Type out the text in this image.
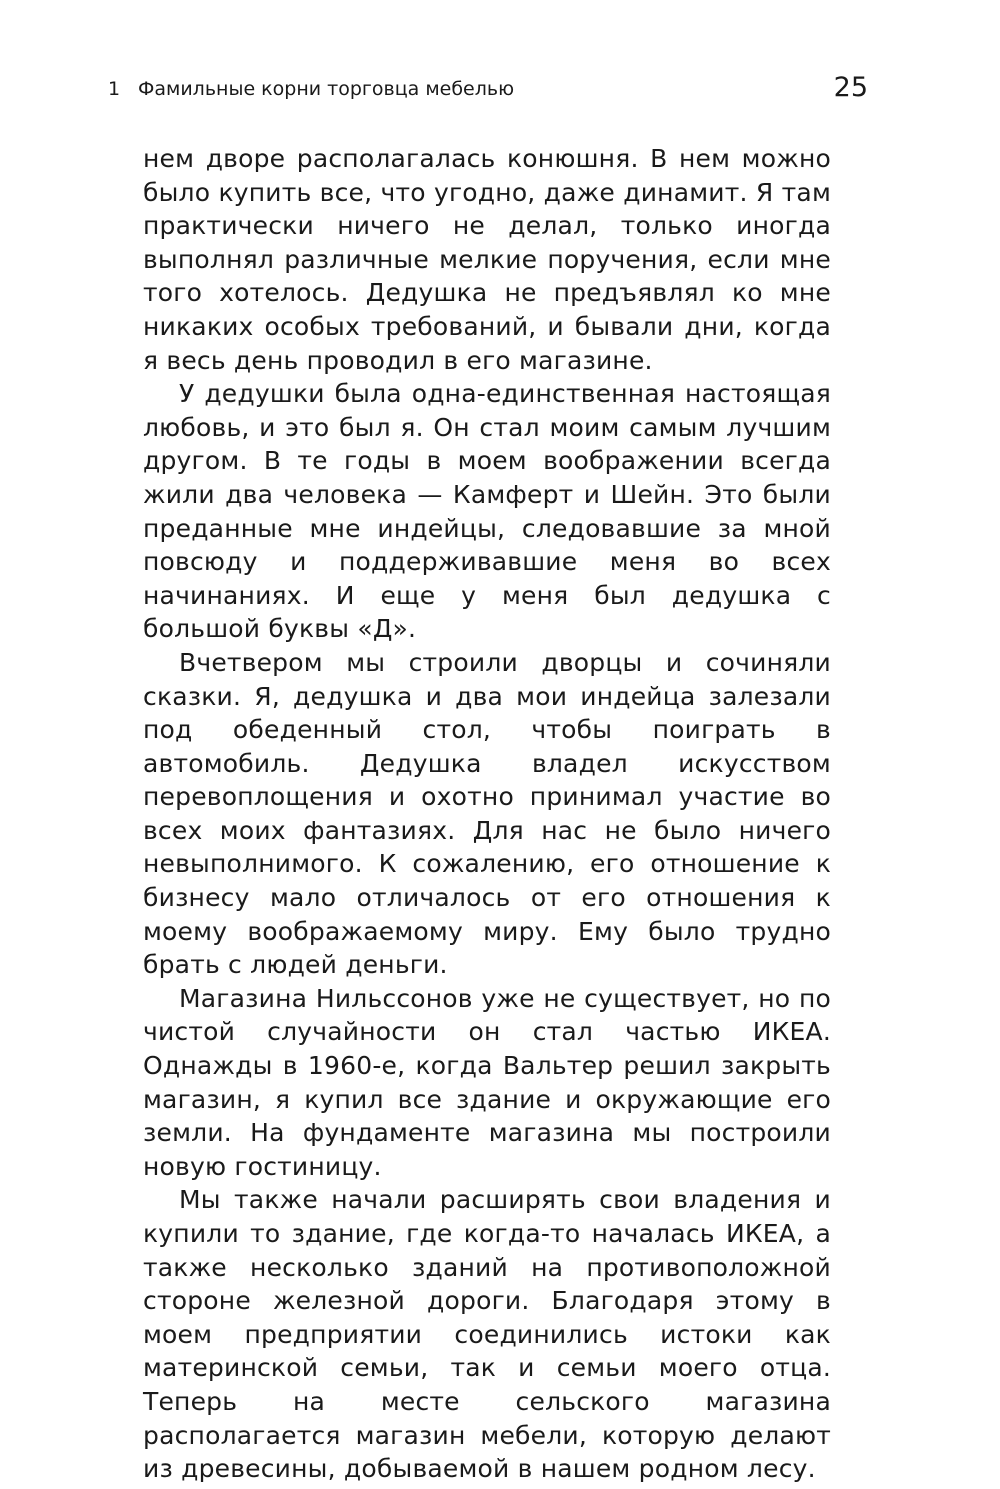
1 Фамильные корни торговца мебелью	25

нем дворе располагалась конюшня. В нем можно было купить все, что угодно, даже динамит. Я там практически ничего не делал, только иногда выполнял различные мелкие поручения, если мне того хотелось. Дедушка не предъявлял ко мне никаких особых требований, и бывали дни, когда я весь день проводил в его магазине.

У дедушки была одна-единственная настоящая любовь, и это был я. Он стал моим самым лучшим другом. В те годы в моем воображении всегда жили два человека — Камферт и Шейн. Это были преданные мне индейцы, следовавшие за мной повсюду и поддерживавшие меня во всех начинаниях. И еще у меня был дедушка с большой буквы «Д».

Вчетвером мы строили дворцы и сочиняли сказки. Я, дедушка и два мои индейца залезали под обеденный стол, чтобы поиграть в автомобиль. Дедушка владел искусством перевоплощения и охотно принимал участие во всех моих фантазиях. Для нас не было ничего невыполнимого. К сожалению, его отношение к бизнесу мало отличалось от его отношения к моему воображаемому миру. Ему было трудно брать с людей деньги.

Магазина Нильссонов уже не существует, но по чистой случайности он стал частью ИКЕА. Однажды в 1960-е, когда Вальтер решил закрыть магазин, я купил все здание и окружающие его земли. На фундаменте магазина мы построили новую гостиницу.

Мы также начали расширять свои владения и купили то здание, где когда-то началась ИКЕА, а также несколько зданий на противоположной стороне железной дороги. Благодаря этому в моем предприятии соединились истоки как материнской семьи, так и семьи моего отца. Теперь на месте сельского магазина располагается магазин мебели, которую делают из древесины, добываемой в нашем родном лесу.
